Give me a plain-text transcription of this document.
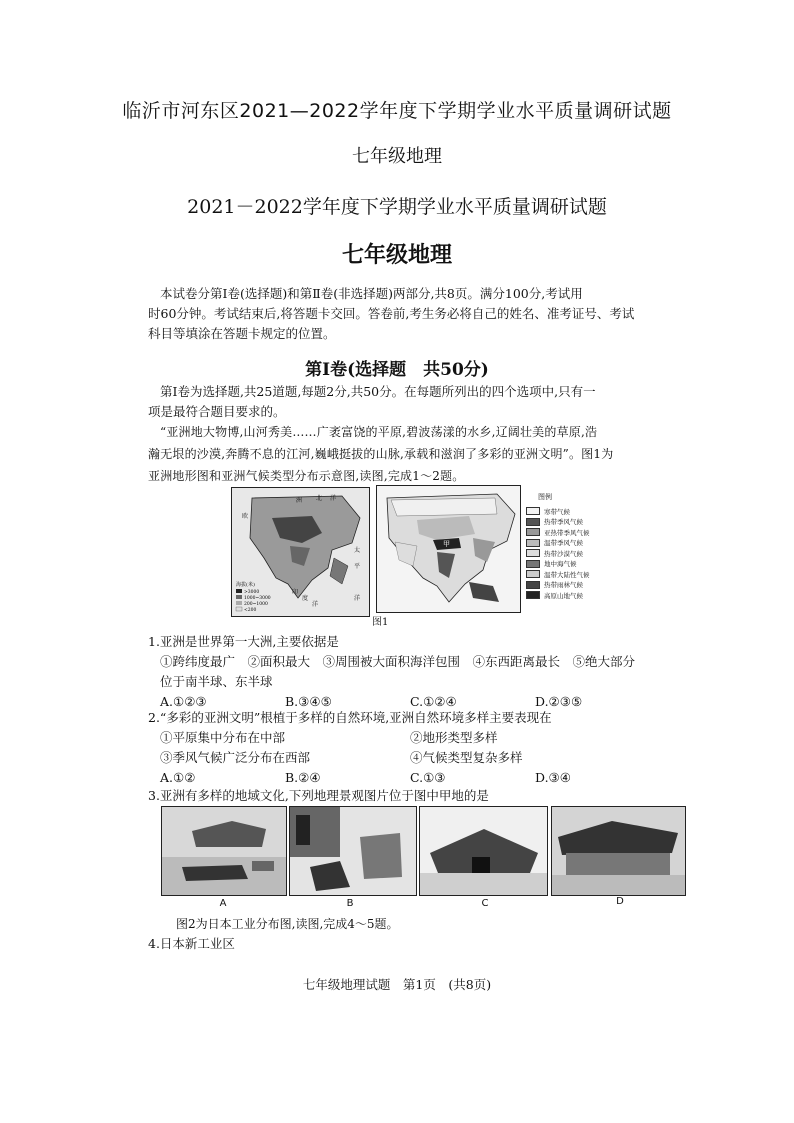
临沂市河东区2021—2022学年度下学期学业水平质量调研试题
七年级地理
2021－2022学年度下学期学业水平质量调研试题
七年级地理
本试卷分第Ⅰ卷(选择题)和第Ⅱ卷(非选择题)两部分,共8页。满分100分,考试用
时60分钟。考试结束后,将答题卡交回。答卷前,考生务必将自己的姓名、准考证号、考试
科目等填涂在答题卡规定的位置。
第Ⅰ卷(选择题　共50分)
第Ⅰ卷为选择题,共25道题,每题2分,共50分。在每题所列出的四个选项中,只有一
项是最符合题目要求的。
“亚洲地大物博,山河秀美……广袤富饶的平原,碧波荡漾的水乡,辽阔壮美的草原,浩
瀚无垠的沙漠,奔腾不息的江河,巍峨挺拔的山脉,承载和滋润了多彩的亚洲文明”。图1为
亚洲地形图和亚洲气候类型分布示意图,读图,完成1～2题。
洲
欧
北 洋
太
平
洋
印
度
洋
海拔(米)
>3000
1000~3000
200~1000
<200
甲
图例
寒带气候
热带季风气候
亚热带季风气候
温带季风气候
热带沙漠气候
地中海气候
温带大陆性气候
热带雨林气候
高原山地气候
图1
1.亚洲是世界第一大洲,主要依据是
①跨纬度最广　②面积最大　③周围被大面积海洋包围　④东西距离最长　⑤绝大部分
位于南半球、东半球
A.①②③	B.③④⑤	C.①②④	D.②③⑤
2.“多彩的亚洲文明”根植于多样的自然环境,亚洲自然环境多样主要表现在
①平原集中分布在中部	②地形类型多样
③季风气候广泛分布在西部	④气候类型复杂多样
A.①②	B.②④	C.①③	D.③④
3.亚洲有多样的地域文化,下列地理景观图片位于图中甲地的是
A	B	C	D
图2为日本工业分布图,读图,完成4～5题。
4.日本新工业区
七年级地理试题　第1页　(共8页)
